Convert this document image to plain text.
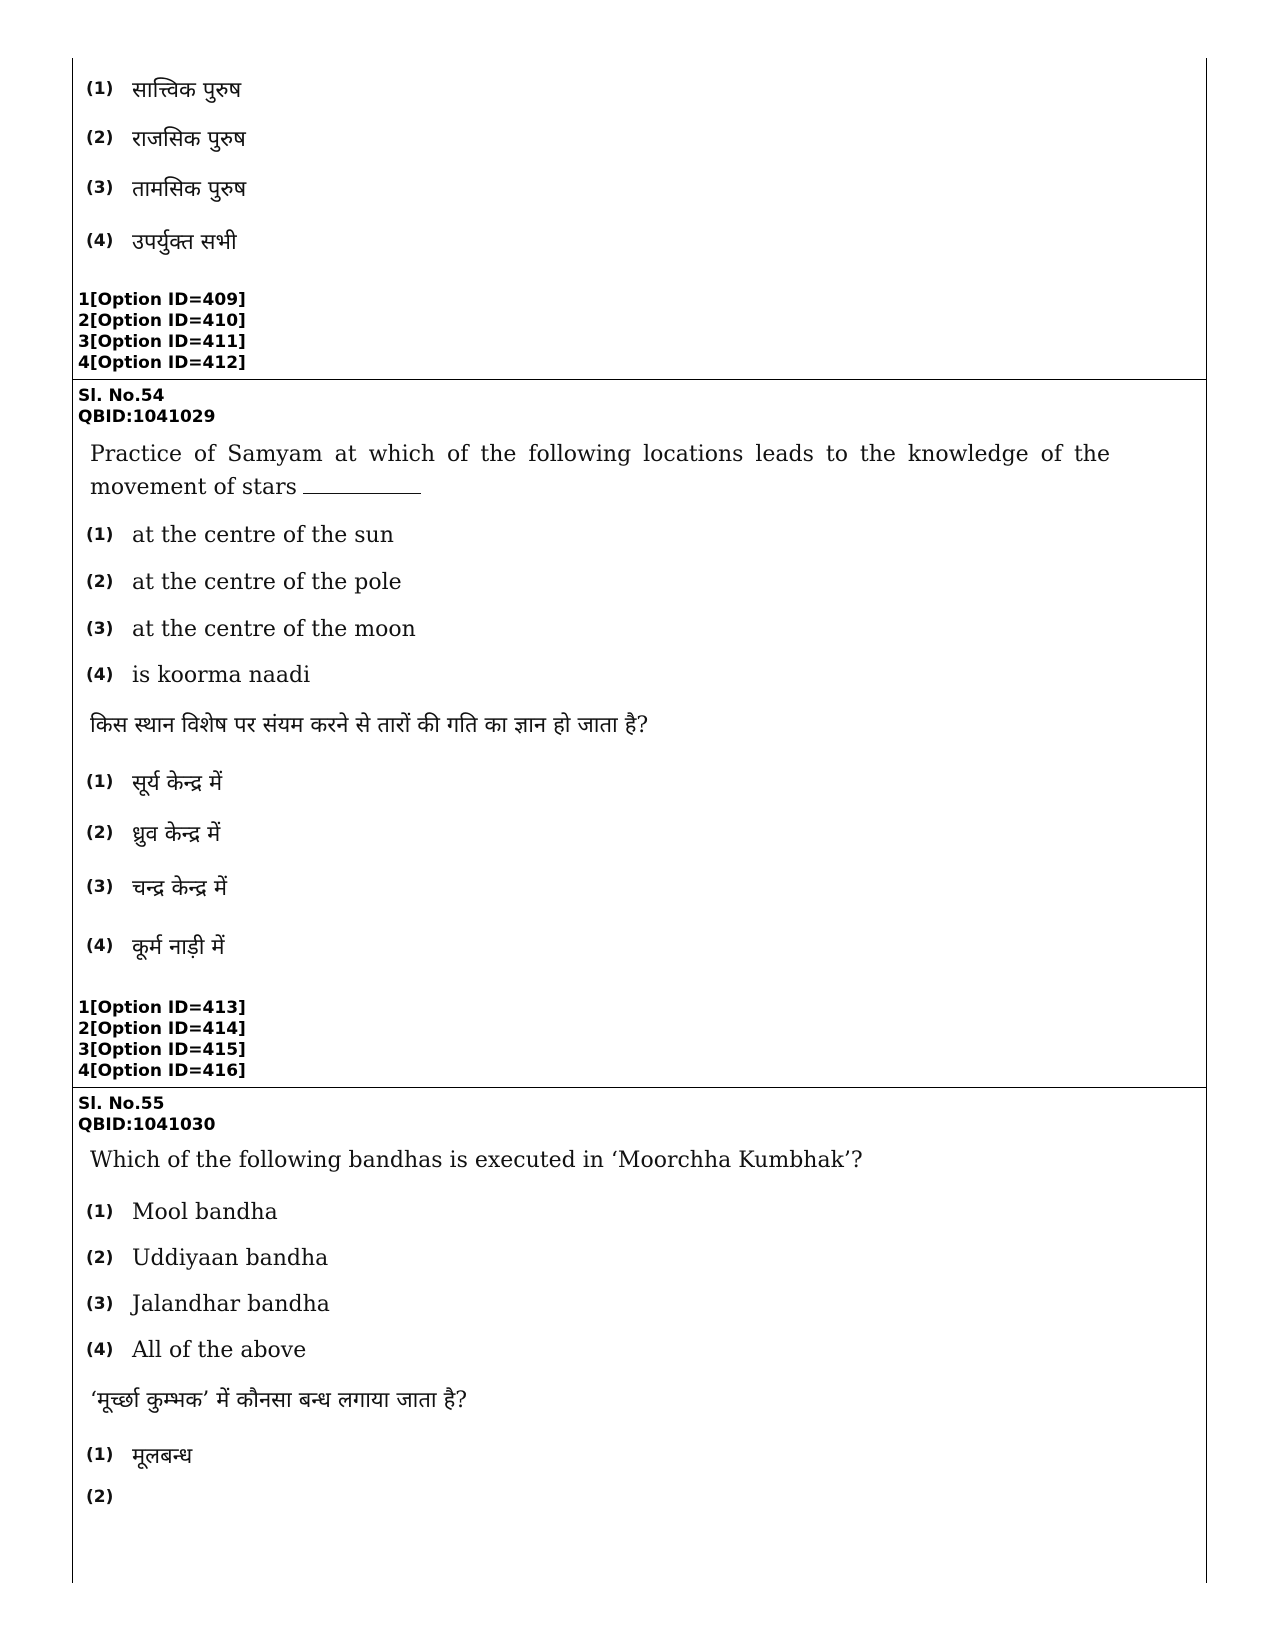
(1) सात्त्विक पुरुष
(2) राजसिक पुरुष
(3) तामसिक पुरुष
(4) उपर्युक्त सभी
1[Option ID=409]
2[Option ID=410]
3[Option ID=411]
4[Option ID=412]
Sl. No.54
QBID:1041029
Practice of Samyam at which of the following locations leads to the knowledge of the movement of stars
(1) at the centre of the sun
(2) at the centre of the pole
(3) at the centre of the moon
(4) is koorma naadi
किस स्थान विशेष पर संयम करने से तारों की गति का ज्ञान हो जाता है?
(1) सूर्य केन्द्र में
(2) ध्रुव केन्द्र में
(3) चन्द्र केन्द्र में
(4) कूर्म नाड़ी में
1[Option ID=413]
2[Option ID=414]
3[Option ID=415]
4[Option ID=416]
Sl. No.55
QBID:1041030
Which of the following bandhas is executed in ‘Moorchha Kumbhak’?
(1) Mool bandha
(2) Uddiyaan bandha
(3) Jalandhar bandha
(4) All of the above
‘मूर्च्छा कुम्भक’ में कौनसा बन्ध लगाया जाता है?
(1) मूलबन्ध
(2)
